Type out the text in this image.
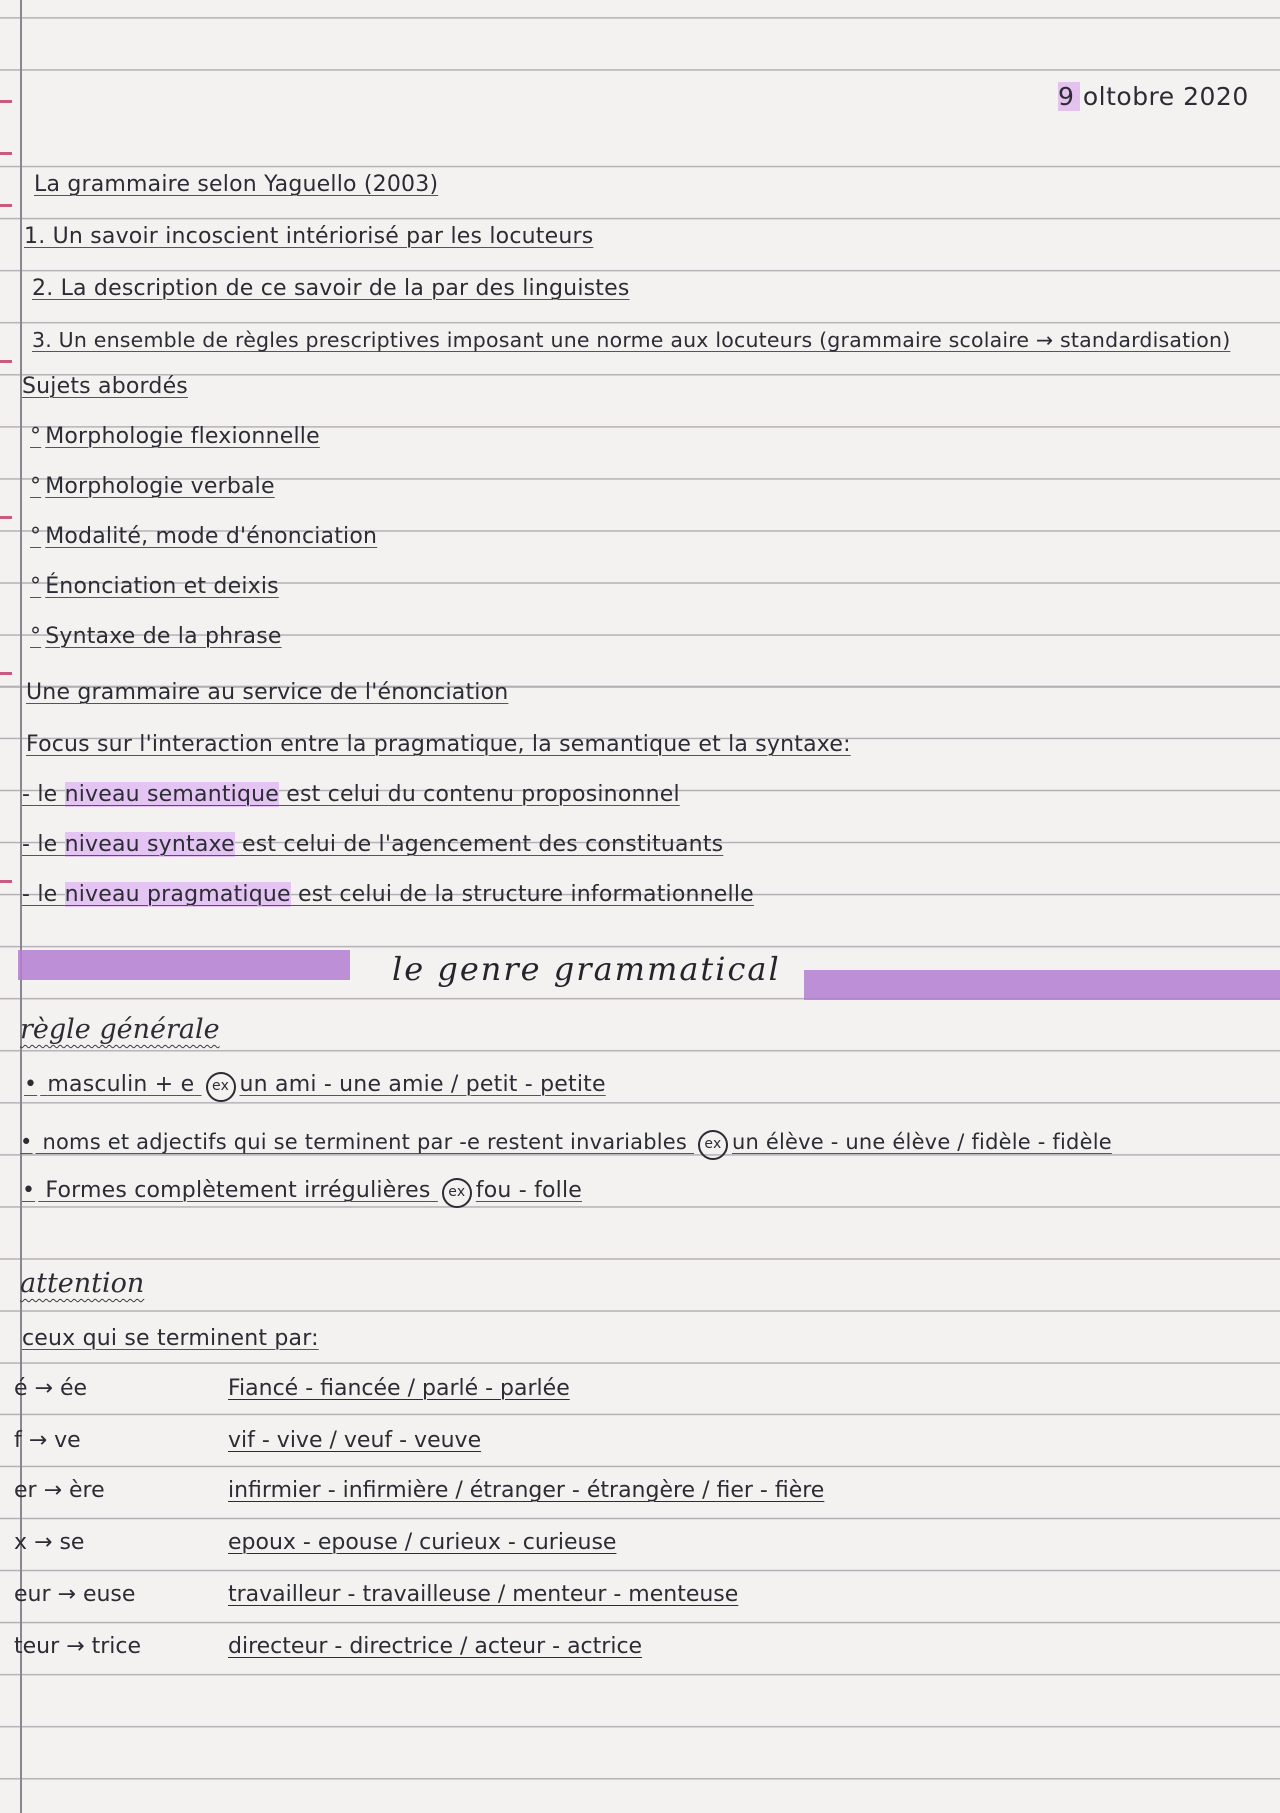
9 oltobre 2020
La grammaire selon Yaguello (2003)
1. Un savoir incoscient intériorisé par les locuteurs
2. La description de ce savoir de la par des linguistes
3. Un ensemble de règles prescriptives imposant une norme aux locuteurs (grammaire scolaire → standardisation)
Sujets abordés
° Morphologie flexionnelle
° Morphologie verbale
° Modalité, mode d'énonciation
° Énonciation et deixis
° Syntaxe de la phrase
Une grammaire au service de l'énonciation
Focus sur l'interaction entre la pragmatique, la semantique et la syntaxe:
- le niveau semantique est celui du contenu proposinonnel
- le niveau syntaxe est celui de l'agencement des constituants
- le niveau pragmatique est celui de la structure informationnelle
le genre grammatical
règle générale
• masculin + e ex un ami - une amie / petit - petite
• noms et adjectifs qui se terminent par -e restent invariables ex un élève - une élève / fidèle - fidèle
• Formes complètement irrégulières ex fou - folle
attention
ceux qui se terminent par:
é → ée	Fiancé - fiancée / parlé - parlée
f → ve	vif - vive / veuf - veuve
er → ère	infirmier - infirmière / étranger - étrangère / fier - fière
x → se	epoux - epouse / curieux - curieuse
eur → euse	travailleur - travailleuse / menteur - menteuse
teur → trice	directeur - directrice / acteur - actrice
